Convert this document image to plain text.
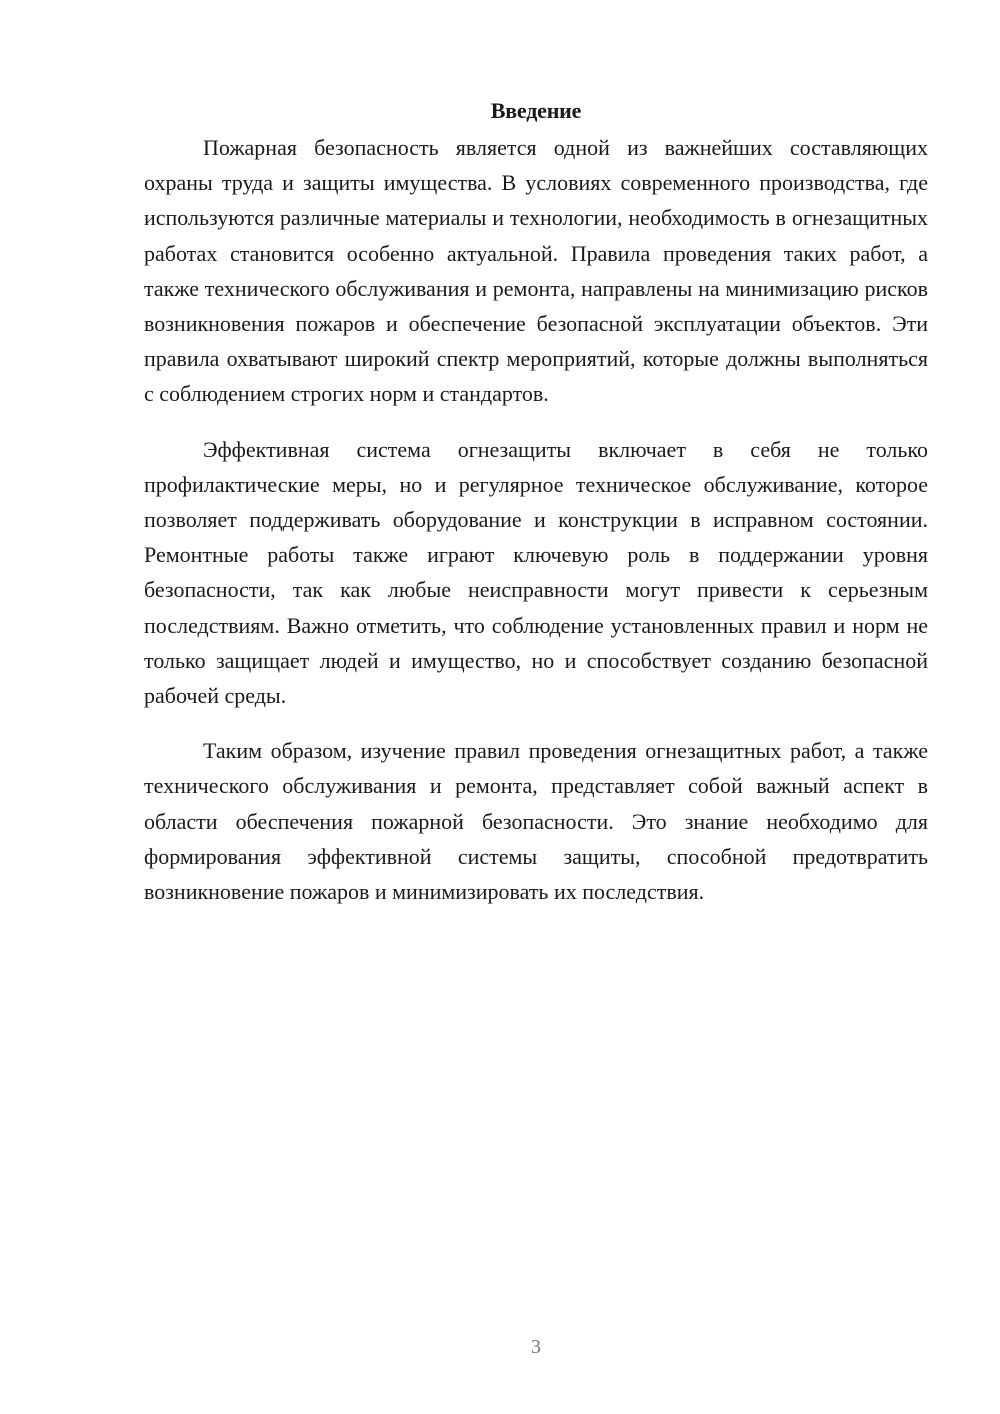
Введение

Пожарная безопасность является одной из важнейших составляющих охраны труда и защиты имущества. В условиях современного производства, где используются различные материалы и технологии, необходимость в огнезащитных работах становится особенно актуальной. Правила проведения таких работ, а также технического обслуживания и ремонта, направлены на минимизацию рисков возникновения пожаров и обеспечение безопасной эксплуатации объектов. Эти правила охватывают широкий спектр мероприятий, которые должны выполняться с соблюдением строгих норм и стандартов.

Эффективная система огнезащиты включает в себя не только профилактические меры, но и регулярное техническое обслуживание, которое позволяет поддерживать оборудование и конструкции в исправном состоянии. Ремонтные работы также играют ключевую роль в поддержании уровня безопасности, так как любые неисправности могут привести к серьезным последствиям. Важно отметить, что соблюдение установленных правил и норм не только защищает людей и имущество, но и способствует созданию безопасной рабочей среды.

Таким образом, изучение правил проведения огнезащитных работ, а также технического обслуживания и ремонта, представляет собой важный аспект в области обеспечения пожарной безопасности. Это знание необходимо для формирования эффективной системы защиты, способной предотвратить возникновение пожаров и минимизировать их последствия.

3
